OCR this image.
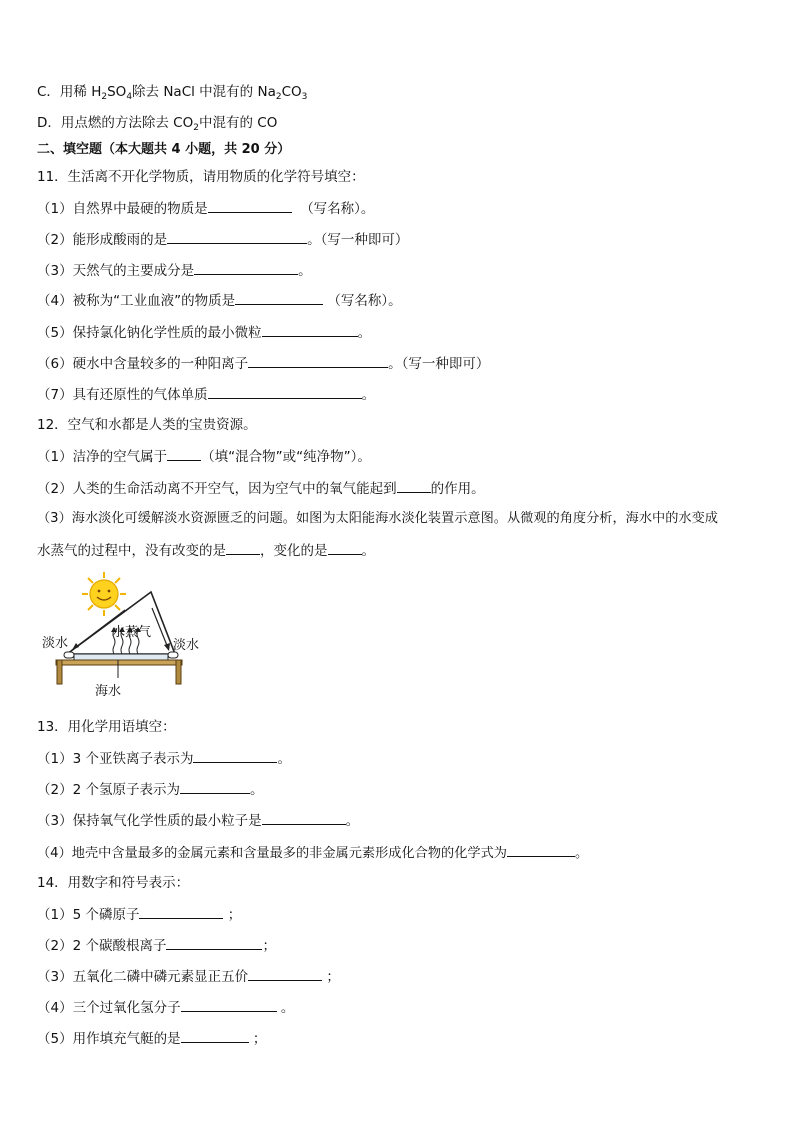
C．用稀 $H_2SO_4$除去 NaCl 中混有的 $Na_2CO_3$
D．用点燃的方法除去 $CO_2$中混有的 CO
二、填空题（本大题共 4 小题，共 20 分）
11．生活离不开化学物质，请用物质的化学符号填空：
（1）自然界中最硬的物质是	（写名称）。
（2）能形成酸雨的是	。（写一种即可）
（3）天然气的主要成分是	。
（4）被称为“工业血液”的物质是	（写名称）。
（5）保持氯化钠化学性质的最小微粒	。
（6）硬水中含量较多的一种阳离子	。（写一种即可）
（7）具有还原性的气体单质	。
12．空气和水都是人类的宝贵资源。
（1）洁净的空气属于	（填“混合物”或“纯净物”）。
（2）人类的生命活动离不开空气，因为空气中的氧气能起到	的作用。
（3）海水淡化可缓解淡水资源匮乏的问题。如图为太阳能海水淡化装置示意图。从微观的角度分析，海水中的水变成
水蒸气的过程中，没有改变的是	，变化的是	。
淡水	淡水
水蒸气
海水
13．用化学用语填空：
（1）3 个亚铁离子表示为	。
（2）2 个氢原子表示为	。
（3）保持氧气化学性质的最小粒子是	。
（4）地壳中含量最多的金属元素和含量最多的非金属元素形成化合物的化学式为	。
14．用数字和符号表示：
（1）5 个磷原子	；
（2）2 个碳酸根离子	；
（3）五氧化二磷中磷元素显正五价	；
（4）三个过氧化氢分子	。
（5）用作填充气艇的是	；
